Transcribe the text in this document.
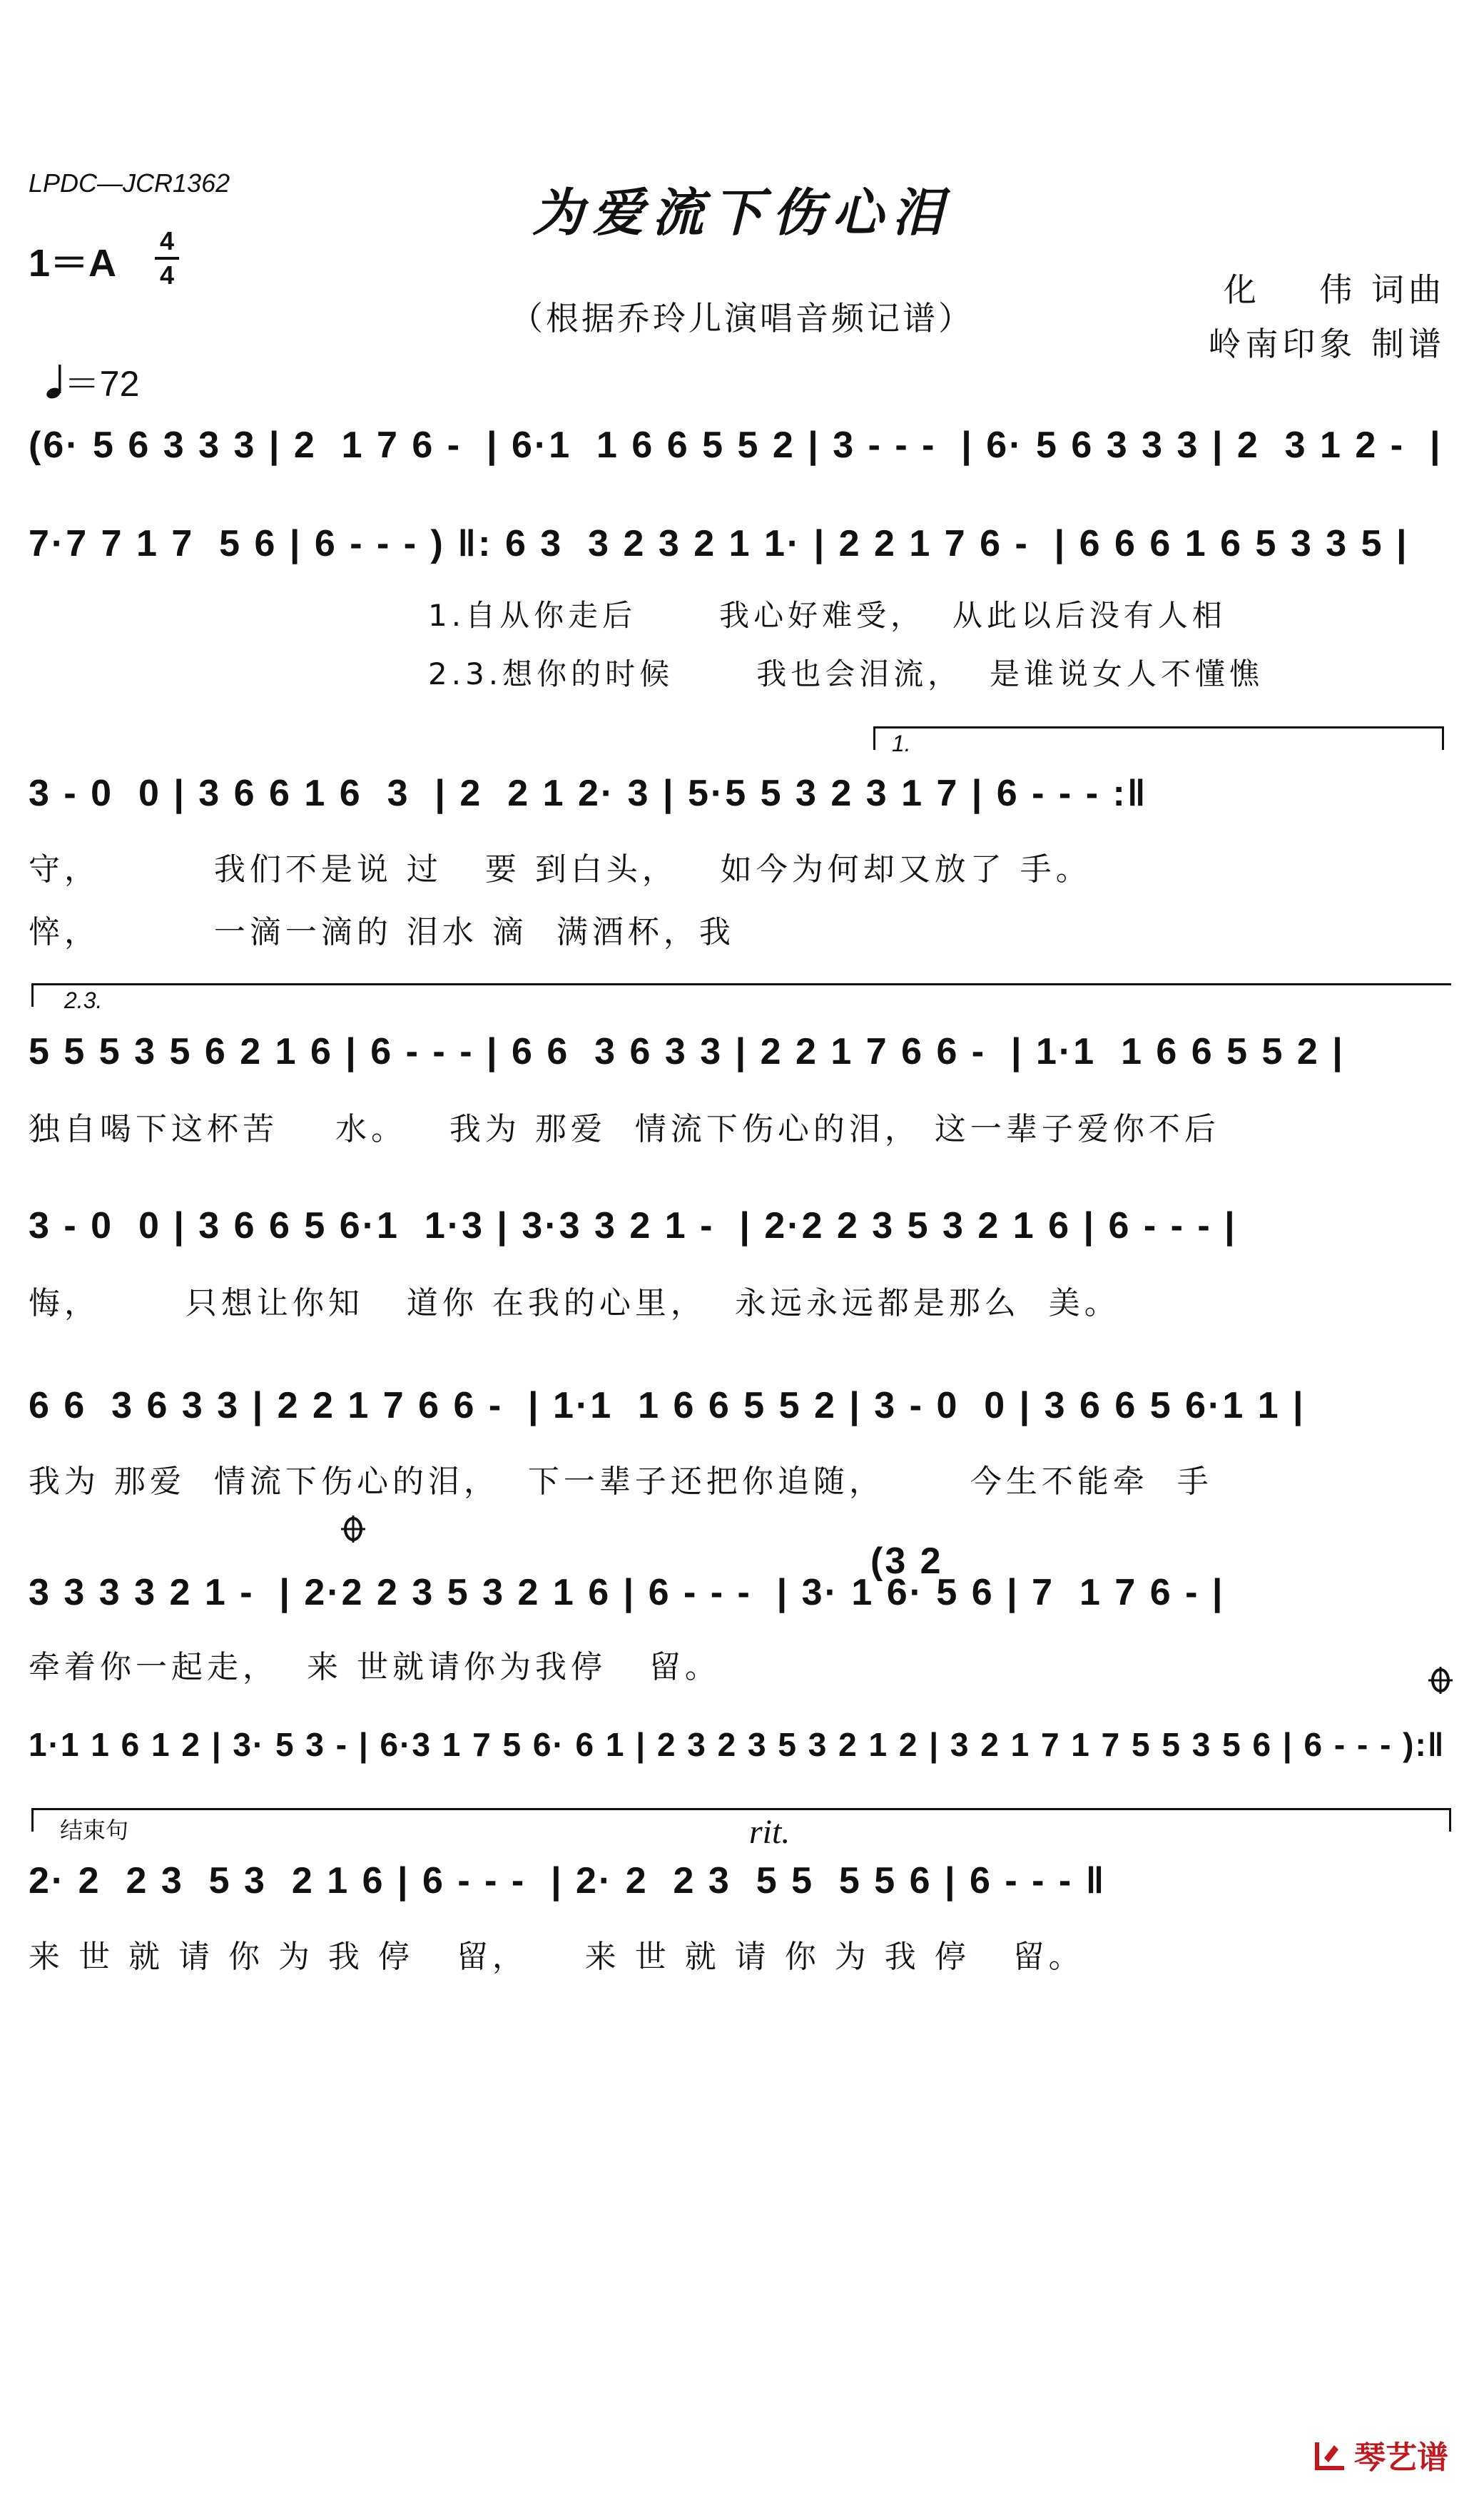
LPDC—JCR1362	为爱流下伤心泪
1＝A
4
4
（根据乔玲儿演唱音频记谱）

＝72

化    伟 词曲
岭南印象 制谱
(6· 5 6 3 3 3 | 2  1 7 6 -  | 6·1  1 6 6 5 5 2 | 3 - - -  | 6· 5 6 3 3 3 | 2  3 1 2 -  |
7·7 7 1 7  5 6 | 6 - - - ) ‖: 6 3  3 2 3 2 1 1· | 2 2 1 7 6 -  | 6 6 6 1 6 5 3 3 5 |
1.自从你走后      我心好难受，  从此以后没有人相
2.3.想你的时候      我也会泪流，  是谁说女人不懂憔
1.
3 - 0  0 | 3 6 6 1 6  3  | 2  2 1 2· 3 | 5·5 5 3 2 3 1 7 | 6 - - - :‖
守，        我们不是说 过   要 到白头，   如今为何却又放了 手。
悴，        一滴一滴的 泪水 滴  满酒杯，我
2.3.
5 5 5 3 5 6 2 1 6 | 6 - - - | 6 6  3 6 3 3 | 2 2 1 7 6 6 -  | 1·1  1 6 6 5 5 2 |
独自喝下这杯苦    水。   我为 那爱  情流下伤心的泪， 这一辈子爱你不后
3 - 0  0 | 3 6 6 5 6·1  1·3 | 3·3 3 2 1 -  | 2·2 2 3 5 3 2 1 6 | 6 - - - |
悔，      只想让你知   道你 在我的心里，  永远永远都是那么  美。
6 6  3 6 3 3 | 2 2 1 7 6 6 -  | 1·1  1 6 6 5 5 2 | 3 - 0  0 | 3 6 6 5 6·1 1 |
我为 那爱  情流下伤心的泪，  下一辈子还把你追随，      今生不能牵  手
(3 2
3 3 3 3 2 1 -  | 2·2 2 3 5 3 2 1 6 | 6 - - -  | 3· 1 6· 5 6 | 7  1 7 6 - |
牵着你一起走，  来 世就请你为我停   留。
1·1 1 6 1 2 | 3· 5 3 - | 6·3 1 7 5 6· 6 1 | 2 3 2 3 5 3 2 1 2 | 3 2 1 7 1 7 5 5 3 5 6 | 6 - - - ):‖
结束句	rit.
2· 2  2 3  5 3  2 1 6 | 6 - - -  | 2· 2  2 3  5 5  5 5 6 | 6 - - - ‖
来 世 就 请 你 为 我 停   留，    来 世 就 请 你 为 我 停   留。
琴艺谱
